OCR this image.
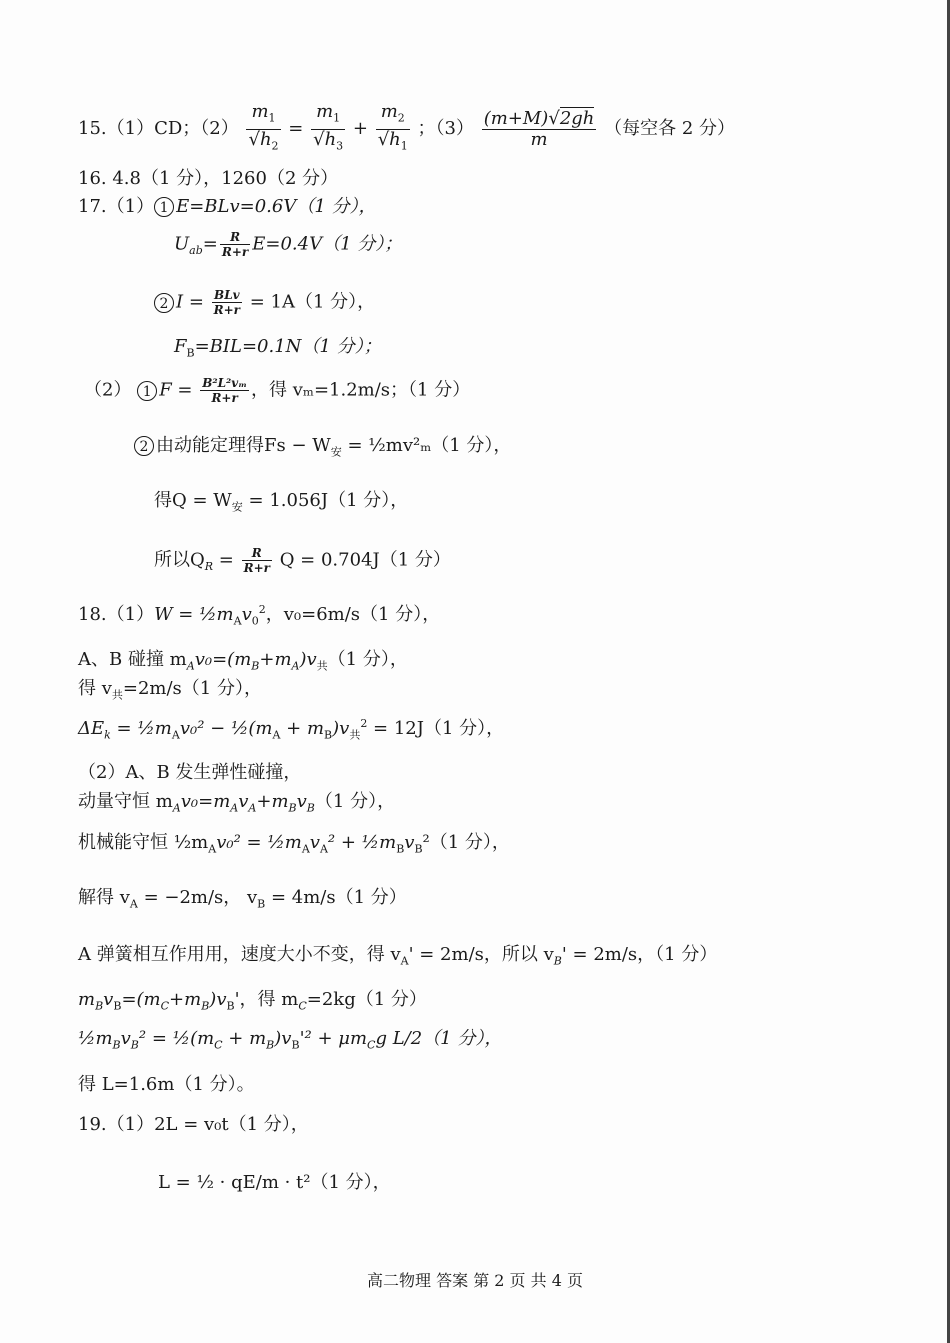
15.（1）CD；$(2) \frac{m_1}{√h_2} = \frac{m_1}{√h_3} + \frac{m_2}{√h_1}$ ；$(3) \frac{(m+M)√2gh}{m}$ （每空各 2 分）
16. 4.8（1 分），1260（2 分）
17.（1） 1 E=BLv=0.6V（1 分），
$U_{ab}= \frac{R}{R+r} E=0.4V(1$ 分）；
2 $I = \frac{\text{BLv}}{R+r} = 1A(1$ 分），
$F_B=BIL=0.1N(1$ 分）；
（2） 1 $F = \frac{\text{B²L²vₘ}}{R+r}$ ，得 vₘ=1.2m/s；（1 分）
2 由动能定理得$Fs - W_安$ = ½mv²ₘ（1 分），
得$Q = W_安 = 1.056J(1$ 分），
所以$Q_R = \frac{R}{R+r}$ Q = 0.704J（1 分）
$18.(1)W = \frac{1}{2}m_Av_0^2$，v₀=6m/s（1 分），
A、B 碰撞 $m_Av_0=(m_B+m_A)v_共(1$ 分），
得 $v_共=2m/s(1$ 分），
$\Delta E_k$ = $\frac{1}{2}m_Av_0^2$ − $\frac{1}{2}(m_A + m_B)v_共^2 = 12J(1$ 分），
（2）A、B 发生弹性碰撞，
动量守恒 $m_Av_0=m_Av_A+m_Bv_B(1$ 分），
机械能守恒 $\frac{1}{2}m_Av_0^2$ = $\frac{1}{2}m_Av_A^2$ + $\frac{1}{2}m_Bv_B^2(1$ 分），
解得 $v_A = -2m/s$， $v_B = 4m/s(1$ 分）
A 弹簧相互作用用，速度大小不变，得 $v_A' = 2m/s$，所以 $v_B' = 2m/s$，（1 分）
$m_Bv_B=(m_C+m_B)v_B'$，得 $m_C=2kg(1$ 分）
$\frac{1}{2}m_Bv_B^2$ = $\frac{1}{2}(m_C + m_B)v_B'^2 + \mu m_Cg$ L/2（1 分），
得 L=1.6m（1 分）。
19.（1）2L = v₀t（1 分），
L = ½ · qE/m · t²（1 分），
高二物理 答案 第 2 页 共 4 页
